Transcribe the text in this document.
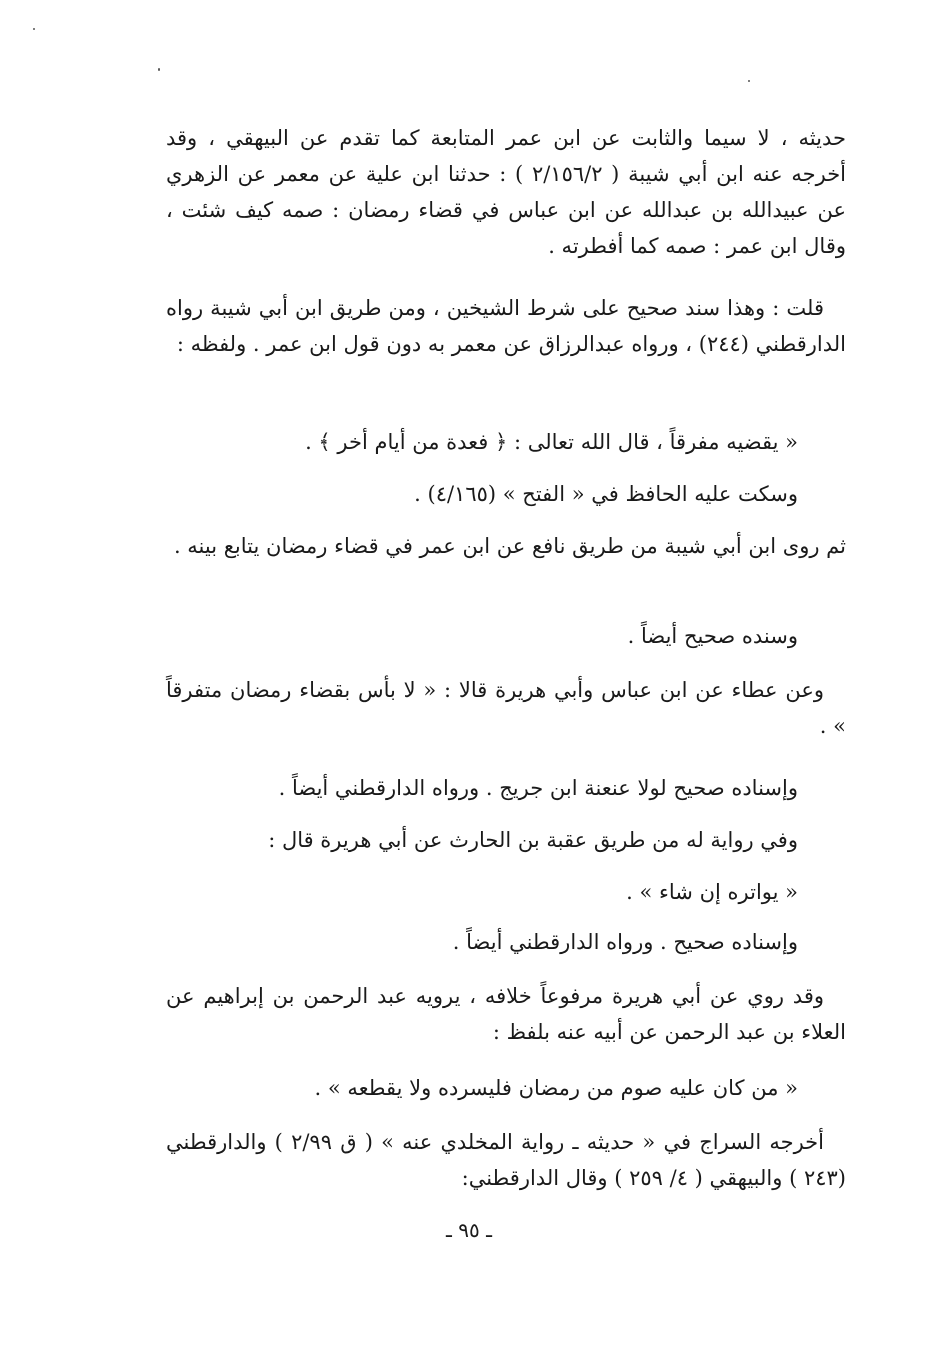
حديثه ، لا سيما والثابت عن ابن عمر المتابعة كما تقدم عن البيهقي ، وقد أخرجه عنه ابن أبي شيبة ( ٢/١٥٦/٢ ) : حدثنا ابن علية عن معمر عن الزهري عن عبيدالله بن عبدالله عن ابن عباس في قضاء رمضان : صمه كيف شئت ، وقال ابن عمر : صمه كما أفطرته .

قلت : وهذا سند صحيح على شرط الشيخين ، ومن طريق ابن أبي شيبة رواه الدارقطني (٢٤٤) ، ورواه عبدالرزاق عن معمر به دون قول ابن عمر . ولفظه :

« يقضيه مفرقاً ، قال الله تعالى : ﴿ فعدة من أيام أخر ﴾ .

وسكت عليه الحافظ في « الفتح » (٤/١٦٥) .

ثم روى ابن أبي شيبة من طريق نافع عن ابن عمر في قضاء رمضان يتابع بينه .

وسنده صحيح أيضاً .

وعن عطاء عن ابن عباس وأبي هريرة قالا : « لا بأس بقضاء رمضان متفرقاً » .

وإسناده صحيح لولا عنعنة ابن جريج . ورواه الدارقطني أيضاً .

وفي رواية له من طريق عقبة بن الحارث عن أبي هريرة قال :

« يواتره إن شاء » .

وإسناده صحيح . ورواه الدارقطني أيضاً .

وقد روي عن أبي هريرة مرفوعاً خلافه ، يرويه عبد الرحمن بن إبراهيم عن العلاء بن عبد الرحمن عن أبيه عنه بلفظ :

« من كان عليه صوم من رمضان فليسرده ولا يقطعه » .

أخرجه السراج في « حديثه ـ رواية المخلدي عنه » ( ق ٢/٩٩ ) والدارقطني (٢٤٣ ) والبيهقي ( ٤/ ٢٥٩ ) وقال الدارقطني:

ـ ٩٥ ـ
